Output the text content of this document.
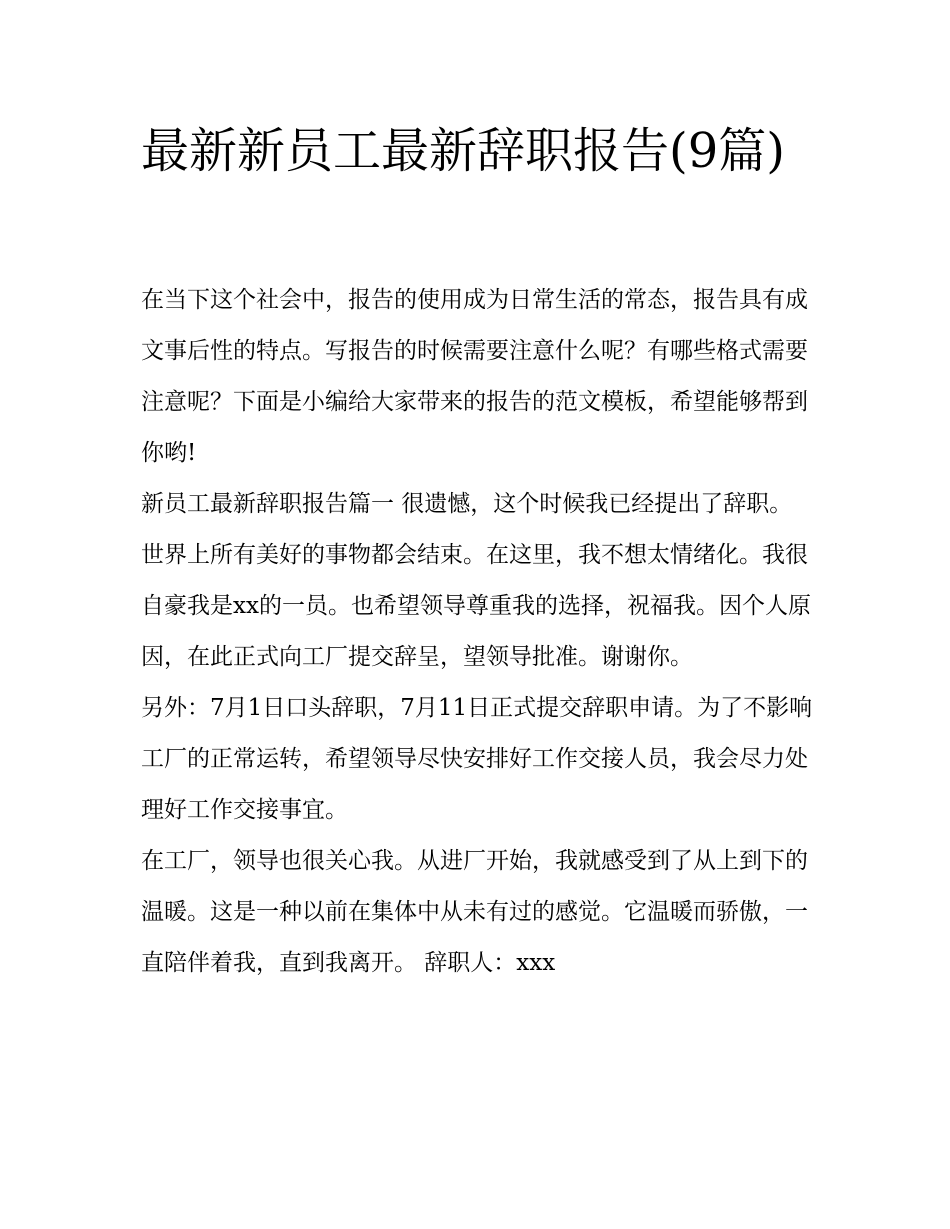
最新新员工最新辞职报告(9篇)

在当下这个社会中，报告的使用成为日常生活的常态，报告具有成文事后性的特点。写报告的时候需要注意什么呢？有哪些格式需要注意呢？下面是小编给大家带来的报告的范文模板，希望能够帮到你哟!

新员工最新辞职报告篇一 很遗憾，这个时候我已经提出了辞职。

世界上所有美好的事物都会结束。在这里，我不想太情绪化。我很自豪我是xx的一员。也希望领导尊重我的选择，祝福我。因个人原因，在此正式向工厂提交辞呈，望领导批准。谢谢你。

另外：7月1日口头辞职，7月11日正式提交辞职申请。为了不影响工厂的正常运转，希望领导尽快安排好工作交接人员，我会尽力处理好工作交接事宜。

在工厂，领导也很关心我。从进厂开始，我就感受到了从上到下的温暖。这是一种以前在集体中从未有过的感觉。它温暖而骄傲，一直陪伴着我，直到我离开。 辞职人：xxx
